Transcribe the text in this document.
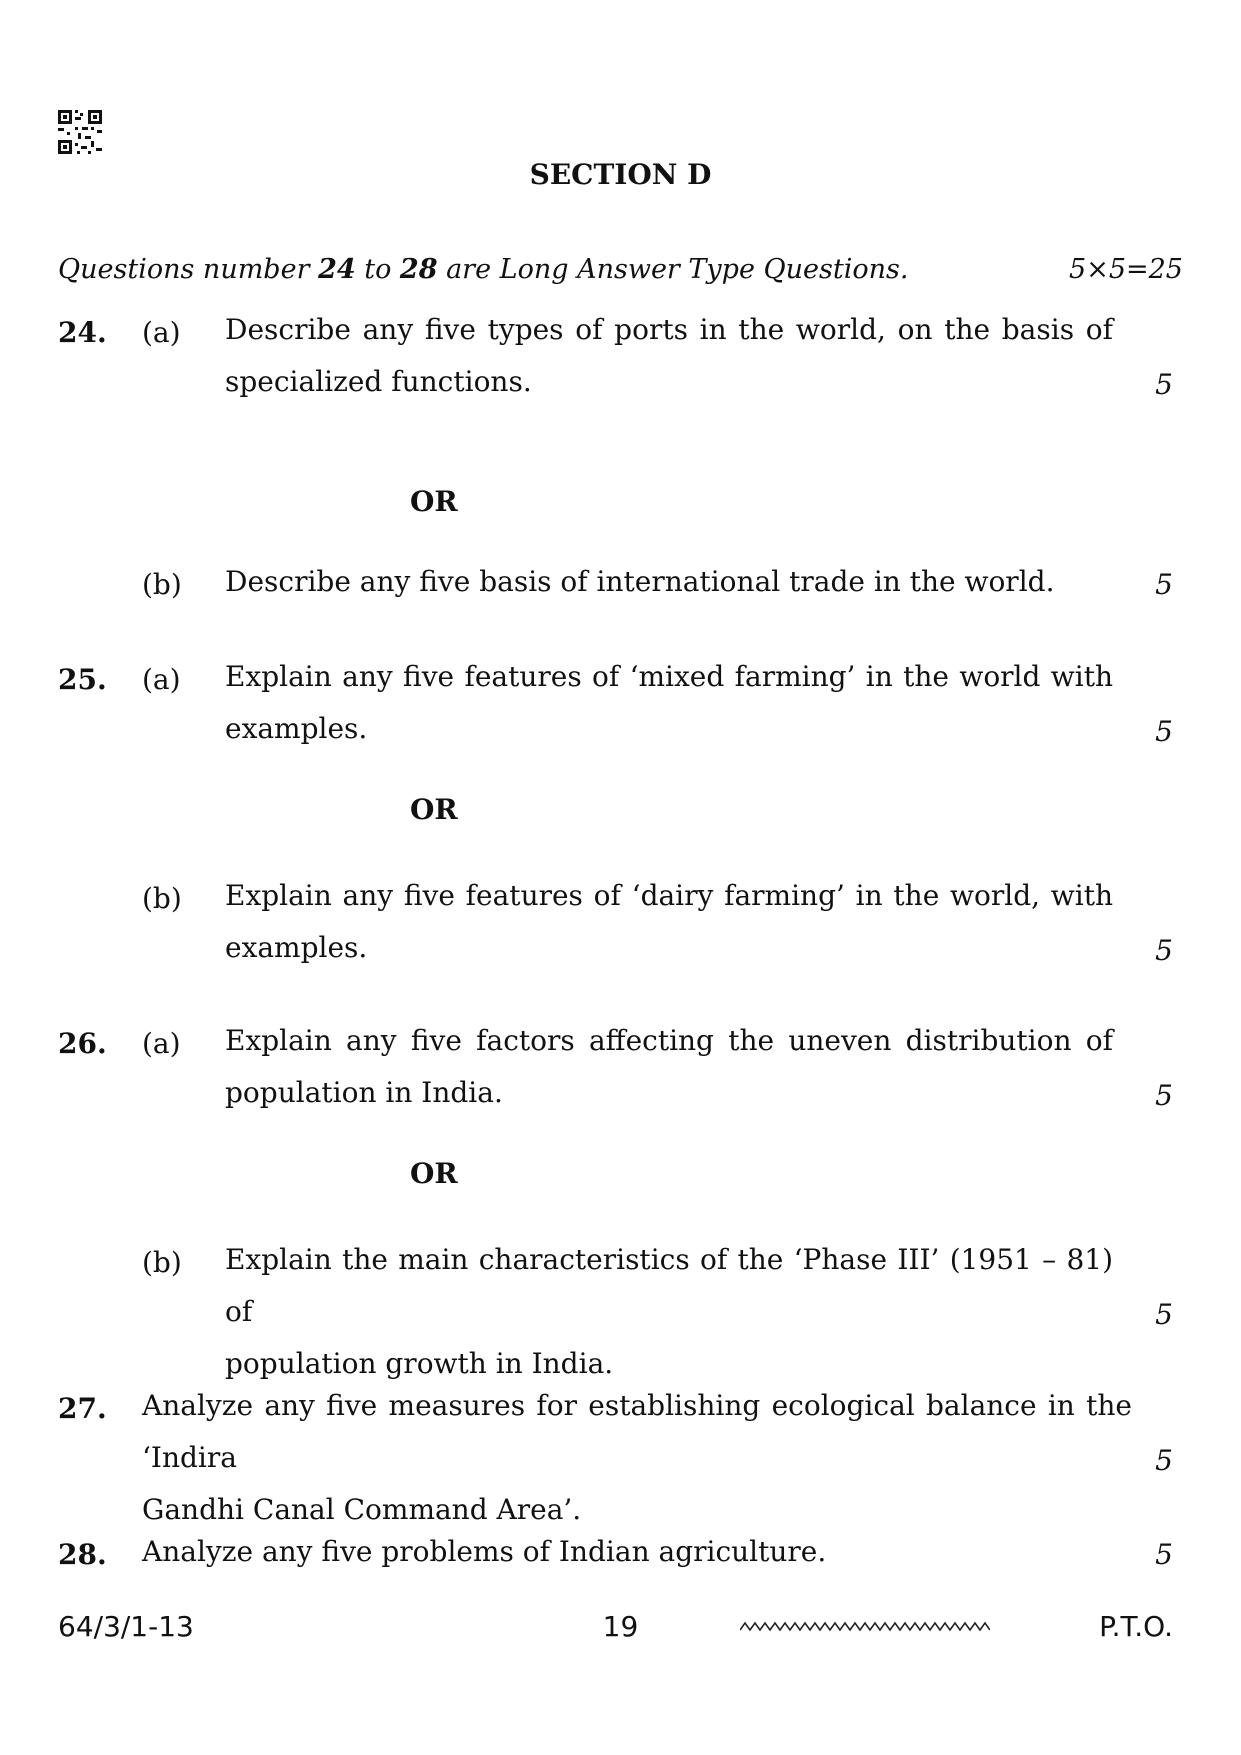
SECTION D
Questions number 24 to 28 are Long Answer Type Questions.	5×5=25
24. (a) Describe any five types of ports in the world, on the basis of
specialized functions.	5
OR
(b) Describe any five basis of international trade in the world.	5
25. (a) Explain any five features of ‘mixed farming’ in the world with
examples.	5
OR
(b) Explain any five features of ‘dairy farming’ in the world, with
examples.	5
26. (a) Explain any five factors affecting the uneven distribution of
population in India.	5
OR
(b) Explain the main characteristics of the ‘Phase III’ (1951 – 81) of
population growth in India.
5
27. Analyze any five measures for establishing ecological balance in the ‘Indira
Gandhi Canal Command Area’.
5
28. Analyze any five problems of Indian agriculture.	5
64/3/1-13	19	P.T.O.
